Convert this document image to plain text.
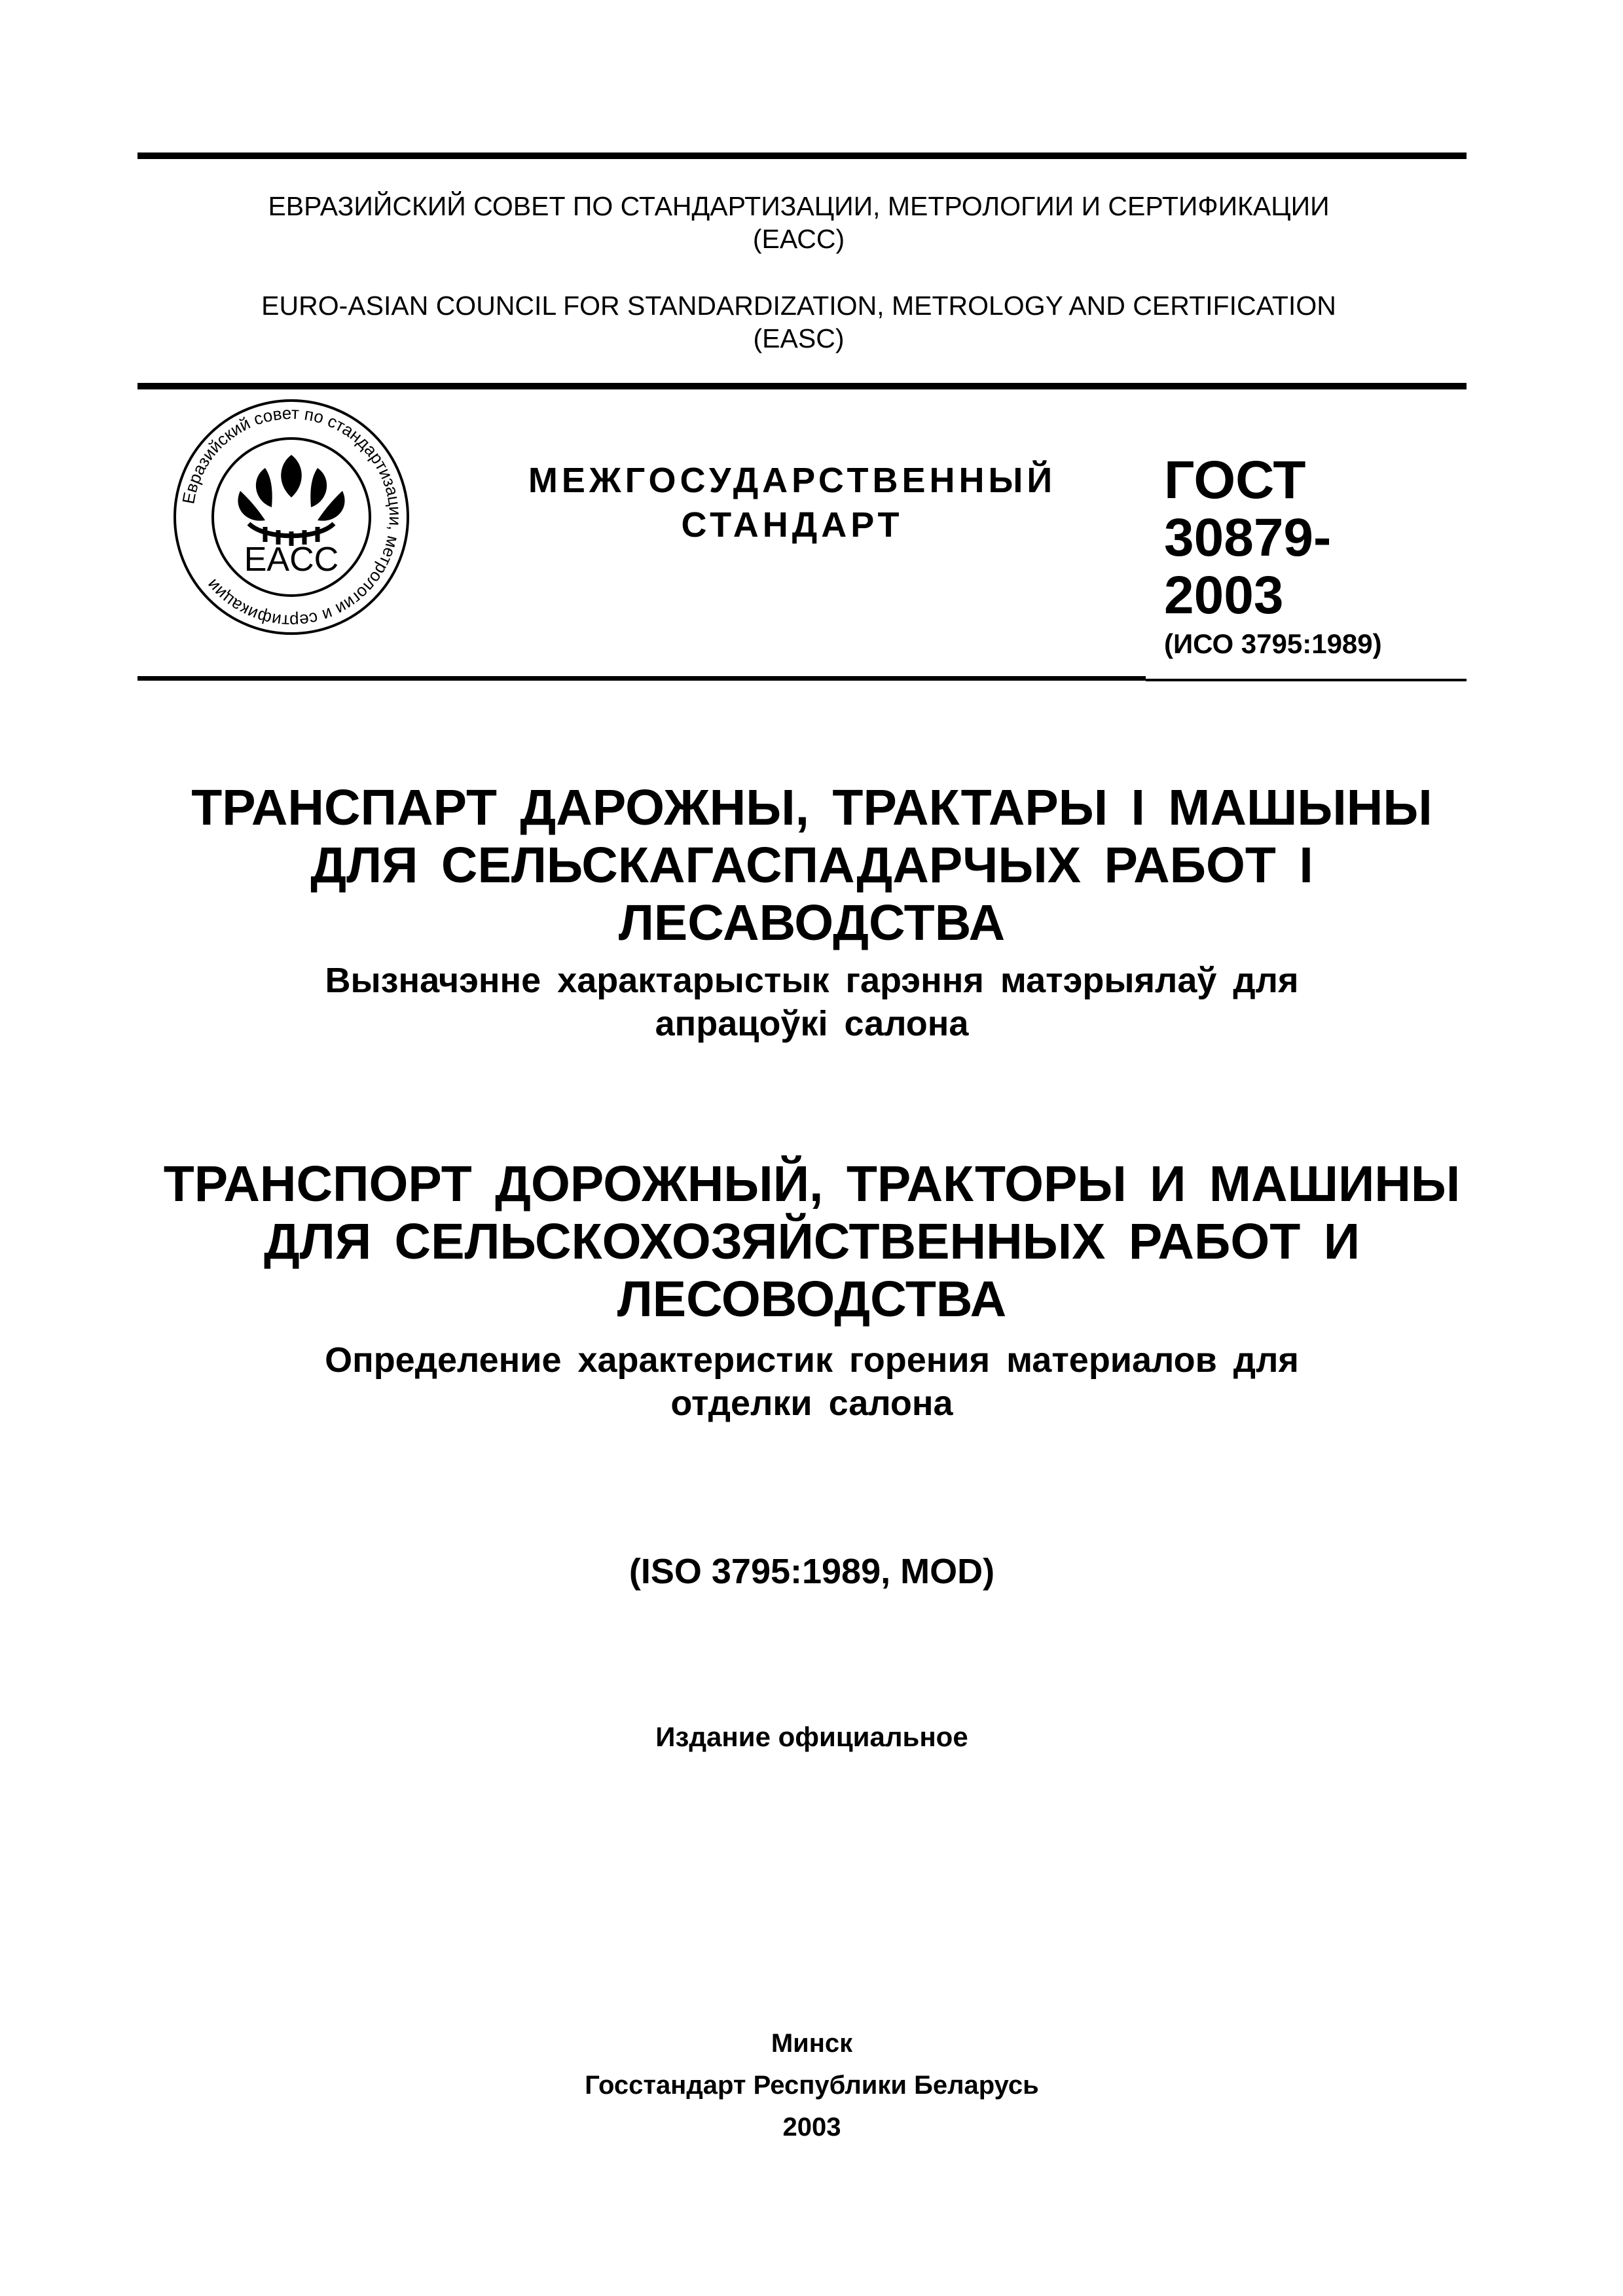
ЕВРАЗИЙСКИЙ СОВЕТ ПО СТАНДАРТИЗАЦИИ, МЕТРОЛОГИИ И СЕРТИФИКАЦИИ
(ЕАСС)
EURO-ASIAN COUNCIL FOR STANDARDIZATION, METROLOGY AND CERTIFICATION
(EASC)
Евразийский совет по стандартизации, метрологии и сертификации
EACC
МЕЖГОСУДАРСТВЕННЫЙ
СТАНДАРТ
ГОСТ
30879-
2003
(ИСО 3795:1989)
ТРАНСПАРТ ДАРОЖНЫ, ТРАКТАРЫ І МАШЫНЫ
ДЛЯ СЕЛЬСКАГАСПАДАРЧЫХ РАБОТ І
ЛЕСАВОДСТВА
Вызначэнне характарыстык гарэння матэрыялаў для
апрацоўкі салона
ТРАНСПОРТ ДОРОЖНЫЙ, ТРАКТОРЫ И МАШИНЫ
ДЛЯ СЕЛЬСКОХОЗЯЙСТВЕННЫХ РАБОТ И
ЛЕСОВОДСТВА
Определение характеристик горения материалов для
отделки салона
(ISO 3795:1989, MOD)
Издание официальное
Минск
Госстандарт Республики Беларусь
2003
